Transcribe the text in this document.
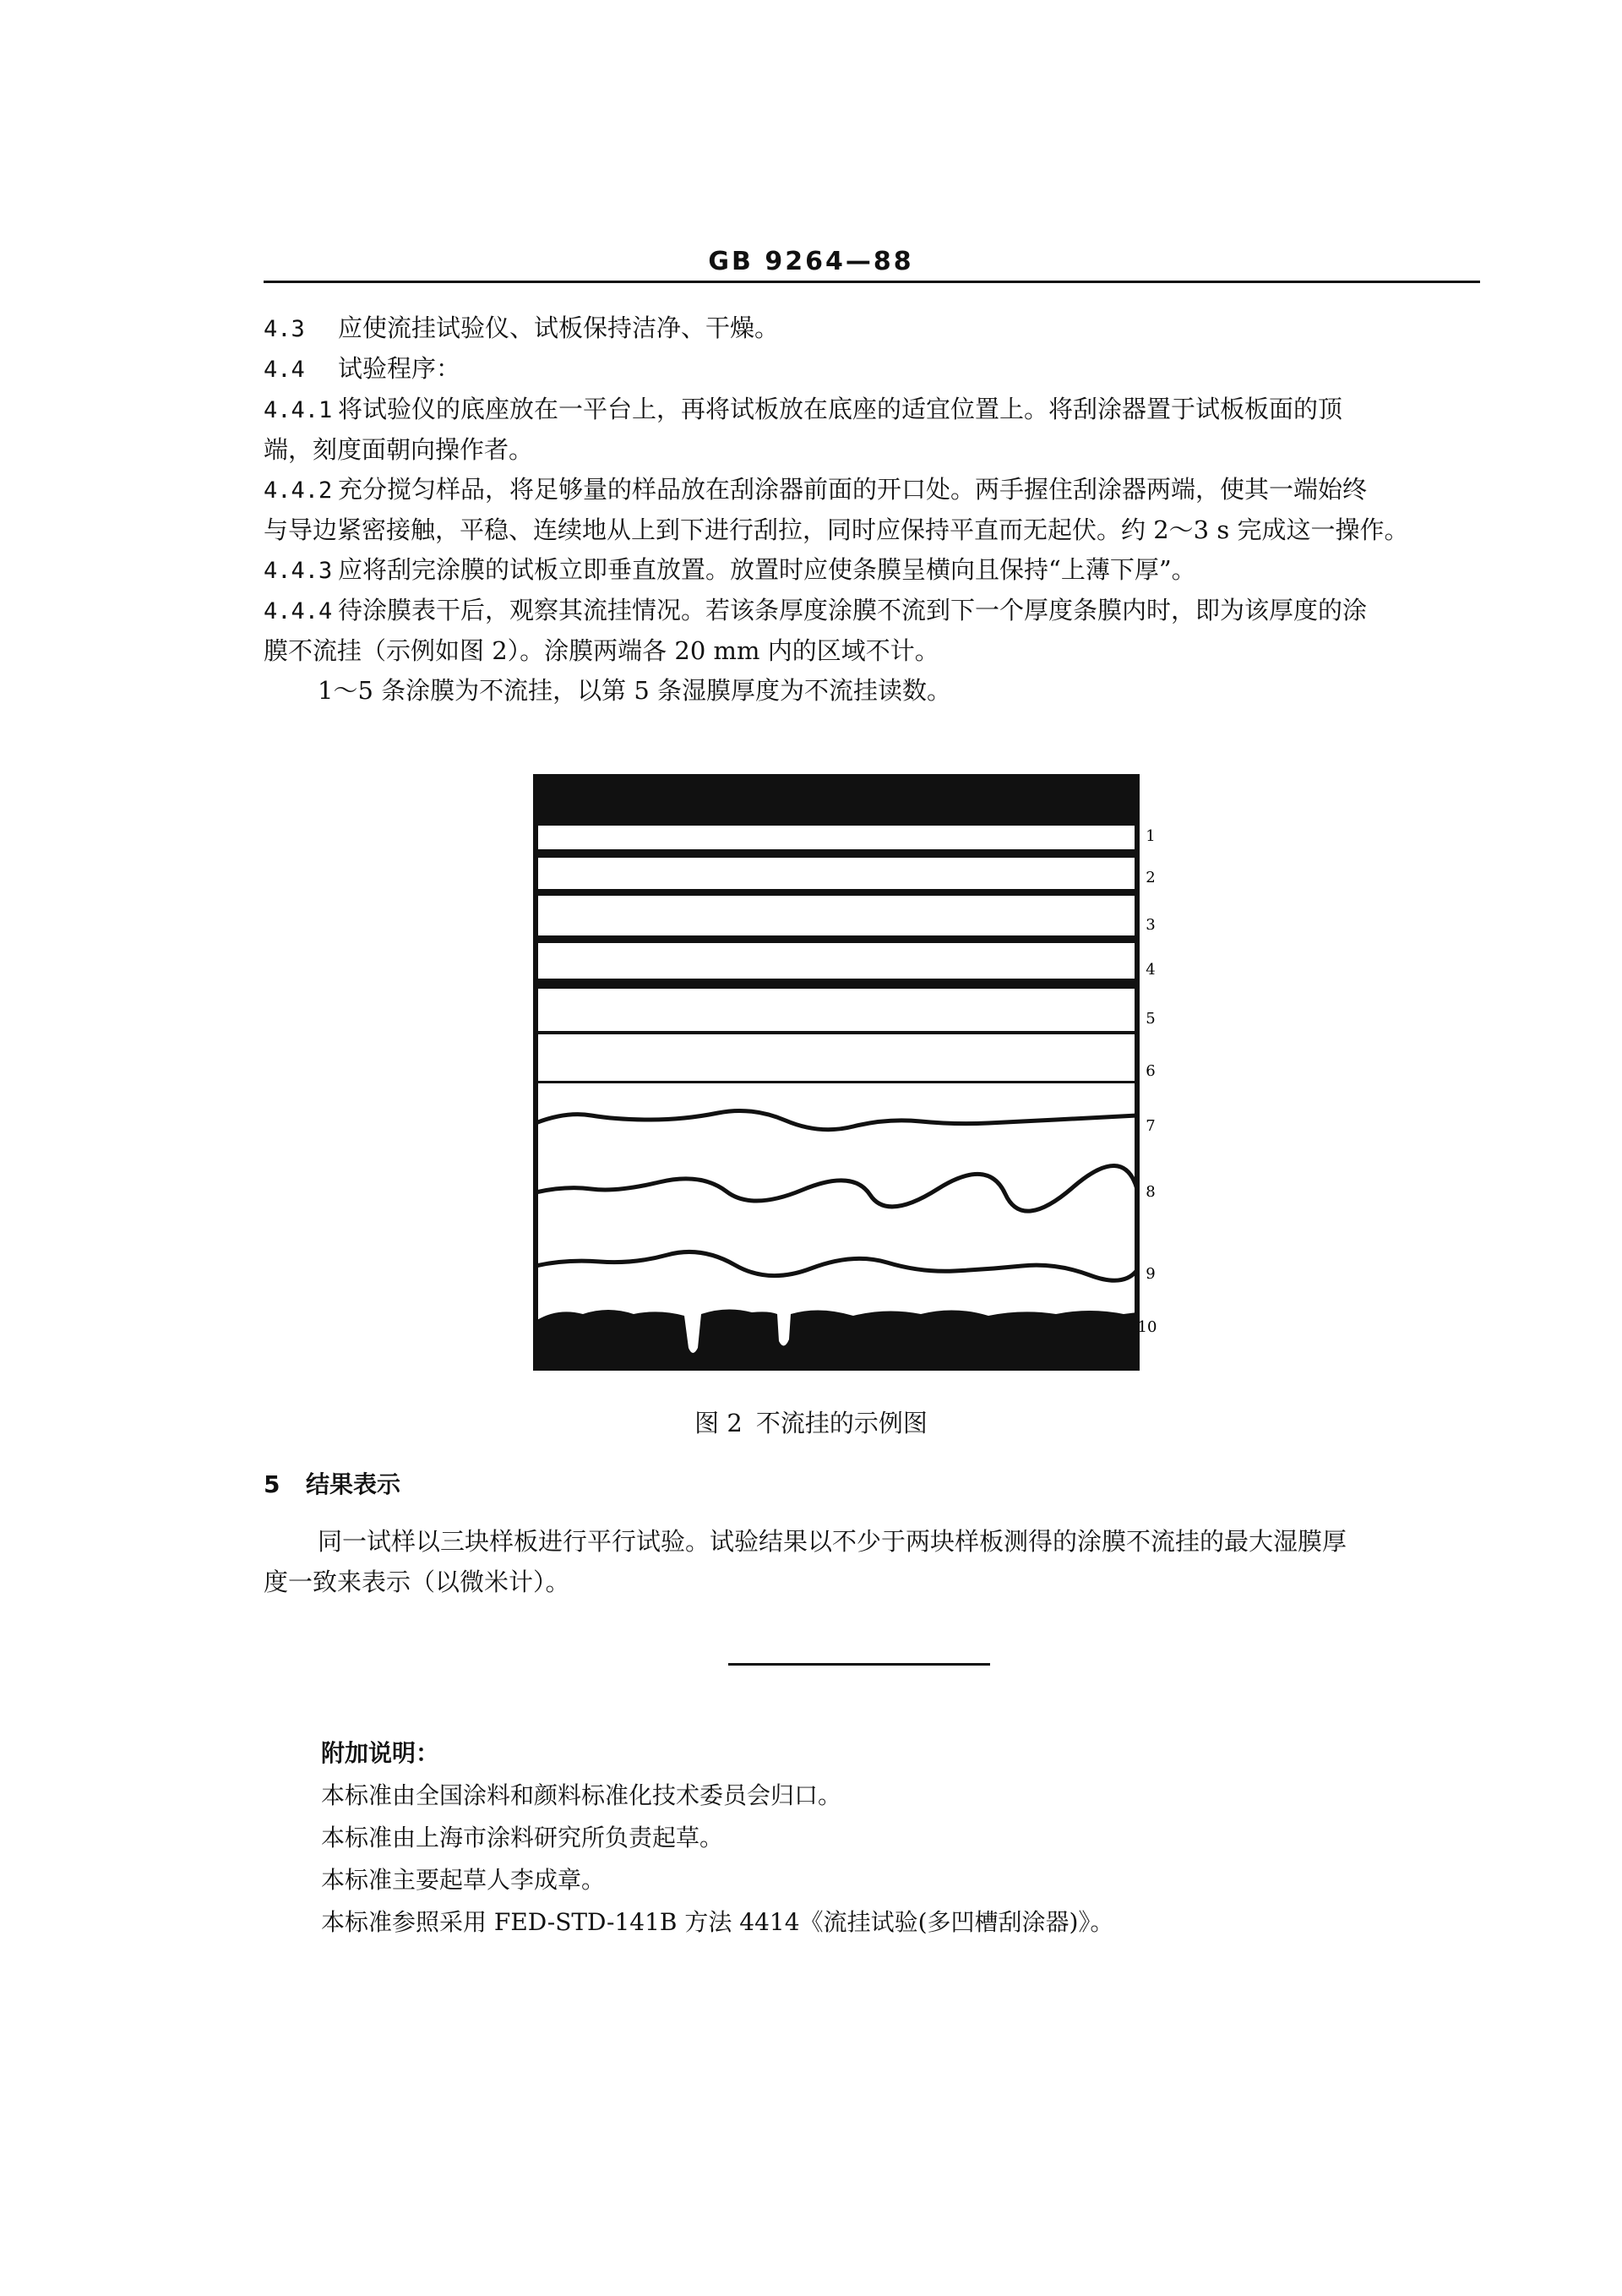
GB 9264—88

4.3 应使流挂试验仪、试板保持洁净、干燥。

4.4 试验程序：

4.4.1 将试验仪的底座放在一平台上，再将试板放在底座的适宜位置上。将刮涂器置于试板板面的顶

端，刻度面朝向操作者。

4.4.2 充分搅匀样品，将足够量的样品放在刮涂器前面的开口处。两手握住刮涂器两端，使其一端始终

与导边紧密接触，平稳、连续地从上到下进行刮拉，同时应保持平直而无起伏。约 2～3 s 完成这一操作。

4.4.3 应将刮完涂膜的试板立即垂直放置。放置时应使条膜呈横向且保持“上薄下厚”。

4.4.4 待涂膜表干后，观察其流挂情况。若该条厚度涂膜不流到下一个厚度条膜内时，即为该厚度的涂

膜不流挂（示例如图 2）。涂膜两端各 20 mm 内的区域不计。

1～5 条涂膜为不流挂，以第 5 条湿膜厚度为不流挂读数。

1
2
3
4
5
6
7
8
9
10
图 2 不流挂的示例图
5 结果表示

同一试样以三块样板进行平行试验。试验结果以不少于两块样板测得的涂膜不流挂的最大湿膜厚

度一致来表示（以微米计）。

附加说明：

本标准由全国涂料和颜料标准化技术委员会归口。

本标准由上海市涂料研究所负责起草。

本标准主要起草人李成章。

本标准参照采用 FED-STD-141B 方法 4414《流挂试验(多凹槽刮涂器)》。
